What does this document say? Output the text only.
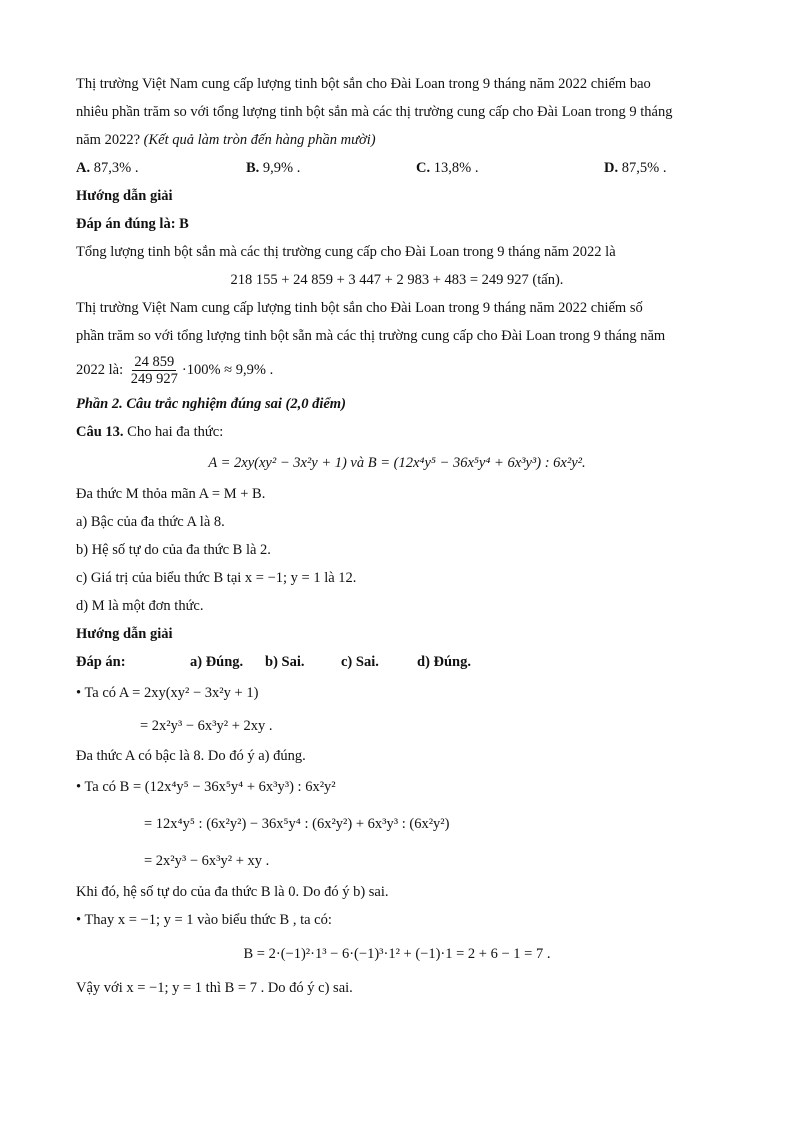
Thị trường Việt Nam cung cấp lượng tinh bột sắn cho Đài Loan trong 9 tháng năm 2022 chiếm bao

nhiêu phần trăm so với tổng lượng tinh bột sắn mà các thị trường cung cấp cho Đài Loan trong 9 tháng

năm 2022? (Kết quả làm tròn đến hàng phần mười)

A. 87,3% .	B. 9,9% .	C. 13,8% .	D. 87,5% .

Hướng dẫn giải

Đáp án đúng là: B

Tổng lượng tinh bột sắn mà các thị trường cung cấp cho Đài Loan trong 9 tháng năm 2022 là

218 155 + 24 859 + 3 447 + 2 983 + 483 = 249 927 (tấn).

Thị trường Việt Nam cung cấp lượng tinh bột sắn cho Đài Loan trong 9 tháng năm 2022 chiếm số

phần trăm so với tổng lượng tinh bột sẵn mà các thị trường cung cấp cho Đài Loan trong 9 tháng năm

2022 là: $\frac{24 859}{249 927} \cdot 100\% \approx 9,9\%$ .

Phần 2. Câu trắc nghiệm đúng sai (2,0 điểm)

Câu 13. Cho hai đa thức:

A = 2xy(xy² − 3x²y + 1) và B = (12x⁴y⁵ − 36x⁵y⁴ + 6x³y³) : 6x²y².

Đa thức M thỏa mãn A = M + B.

a) Bậc của đa thức A là 8.

b) Hệ số tự do của đa thức B là 2.

c) Giá trị của biểu thức B tại x = −1; y = 1 là 12.

d) M là một đơn thức.

Hướng dẫn giải

Đáp án:	a) Đúng. b) Sai.	c) Sai.	d) Đúng.

• Ta có A = 2xy(xy² − 3x²y + 1)

= 2x²y³ − 6x³y² + 2xy .

Đa thức A có bậc là 8. Do đó ý a) đúng.

• Ta có B = (12x⁴y⁵ − 36x⁵y⁴ + 6x³y³) : 6x²y²

= 12x⁴y⁵ : (6x²y²) − 36x⁵y⁴ : (6x²y²) + 6x³y³ : (6x²y²)

= 2x²y³ − 6x³y² + xy .

Khi đó, hệ số tự do của đa thức B là 0. Do đó ý b) sai.

• Thay x = −1; y = 1 vào biểu thức B , ta có:

B = 2·(−1)²·1³ − 6·(−1)³·1² + (−1)·1 = 2 + 6 − 1 = 7 .

Vậy với x = −1; y = 1 thì B = 7 . Do đó ý c) sai.
